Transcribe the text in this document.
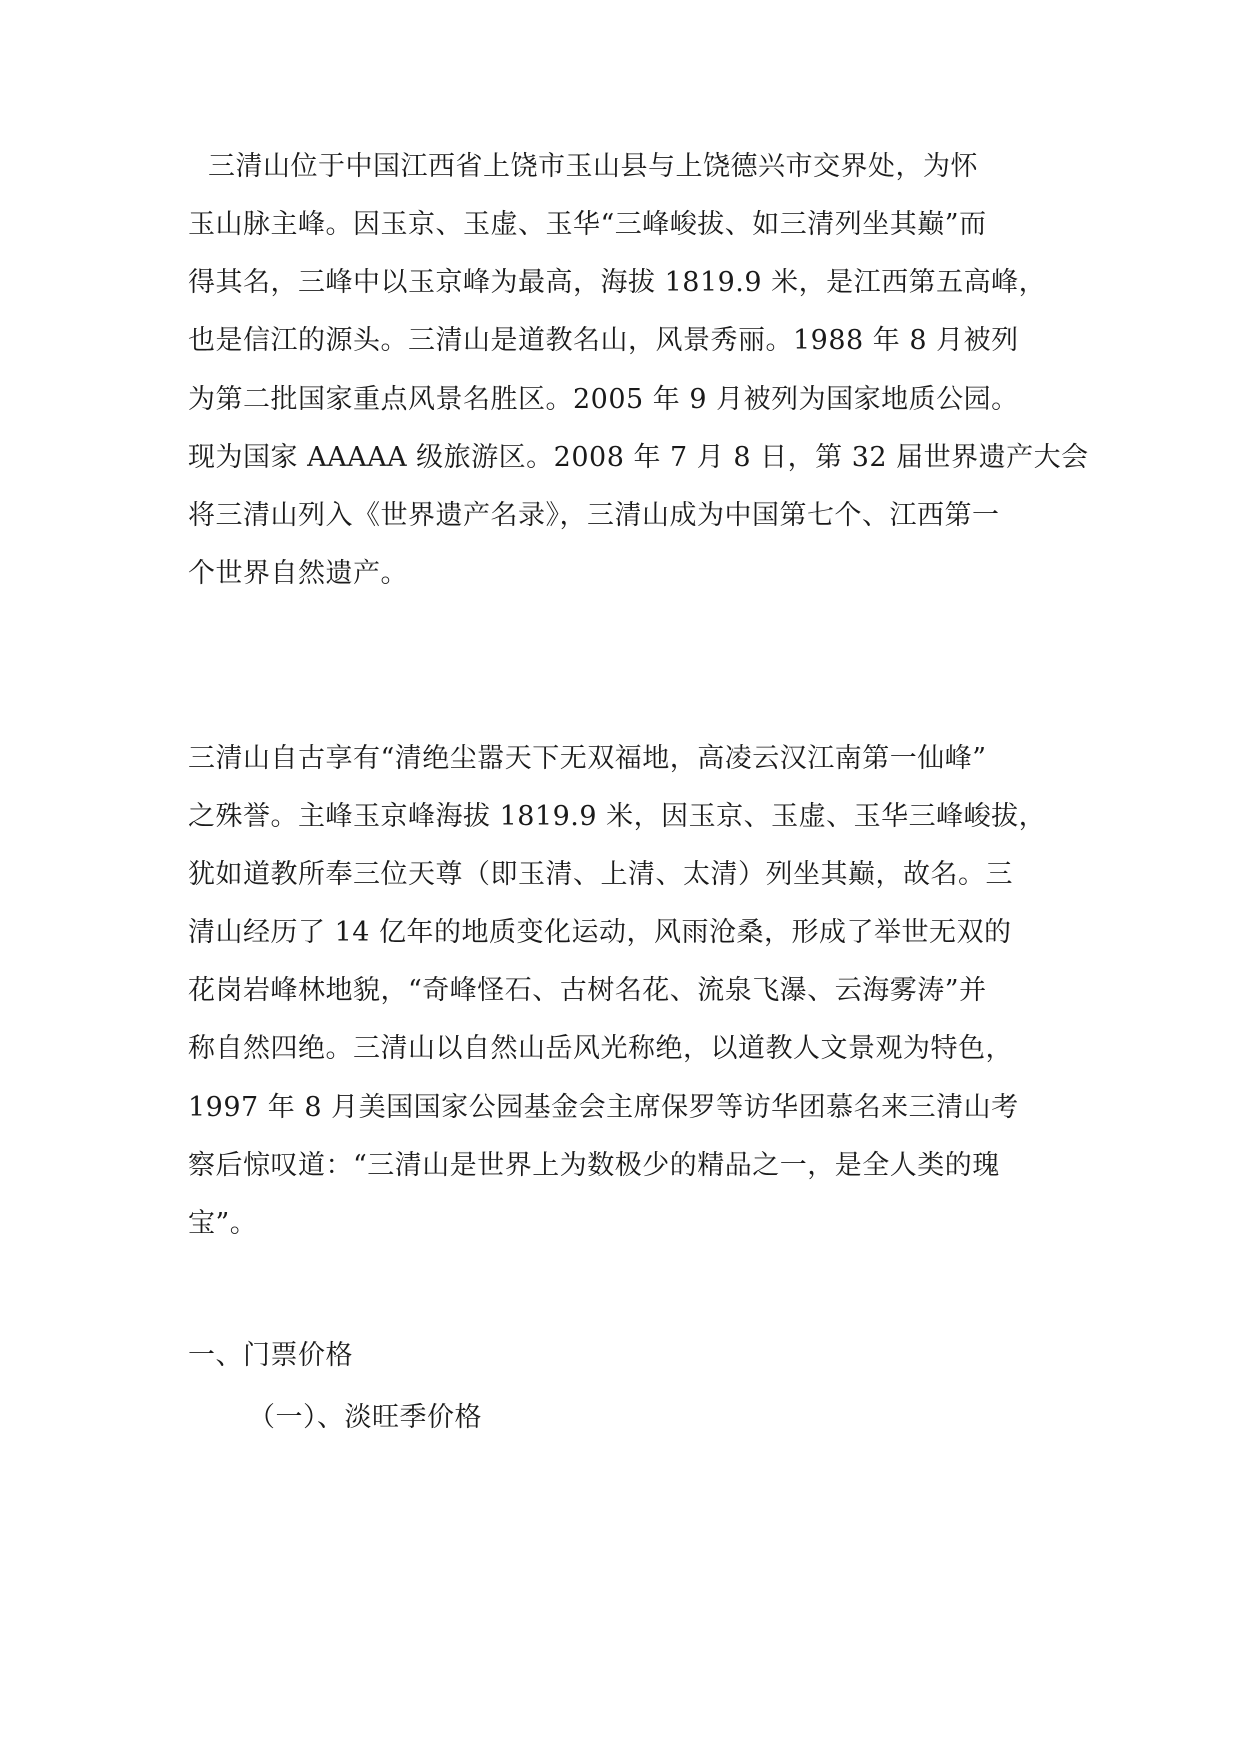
三清山位于中国江西省上饶市玉山县与上饶德兴市交界处，为怀
玉山脉主峰。因玉京、玉虚、玉华“三峰峻拔、如三清列坐其巅”而
得其名，三峰中以玉京峰为最高，海拔 1819.9 米，是江西第五高峰，
也是信江的源头。三清山是道教名山，风景秀丽。1988 年 8 月被列
为第二批国家重点风景名胜区。2005 年 9 月被列为国家地质公园。
现为国家 AAAAA 级旅游区。2008 年 7 月 8 日，第 32 届世界遗产大会
将三清山列入《世界遗产名录》，三清山成为中国第七个、江西第一
个世界自然遗产。
三清山自古享有“清绝尘嚣天下无双福地，高凌云汉江南第一仙峰”
之殊誉。主峰玉京峰海拔 1819.9 米，因玉京、玉虚、玉华三峰峻拔，
犹如道教所奉三位天尊（即玉清、上清、太清）列坐其巅，故名。三
清山经历了 14 亿年的地质变化运动，风雨沧桑，形成了举世无双的
花岗岩峰林地貌，“奇峰怪石、古树名花、流泉飞瀑、云海雾涛”并
称自然四绝。三清山以自然山岳风光称绝，以道教人文景观为特色，
1997 年 8 月美国国家公园基金会主席保罗等访华团慕名来三清山考
察后惊叹道：“三清山是世界上为数极少的精品之一，是全人类的瑰
宝”。
一、门票价格
（一）、淡旺季价格
